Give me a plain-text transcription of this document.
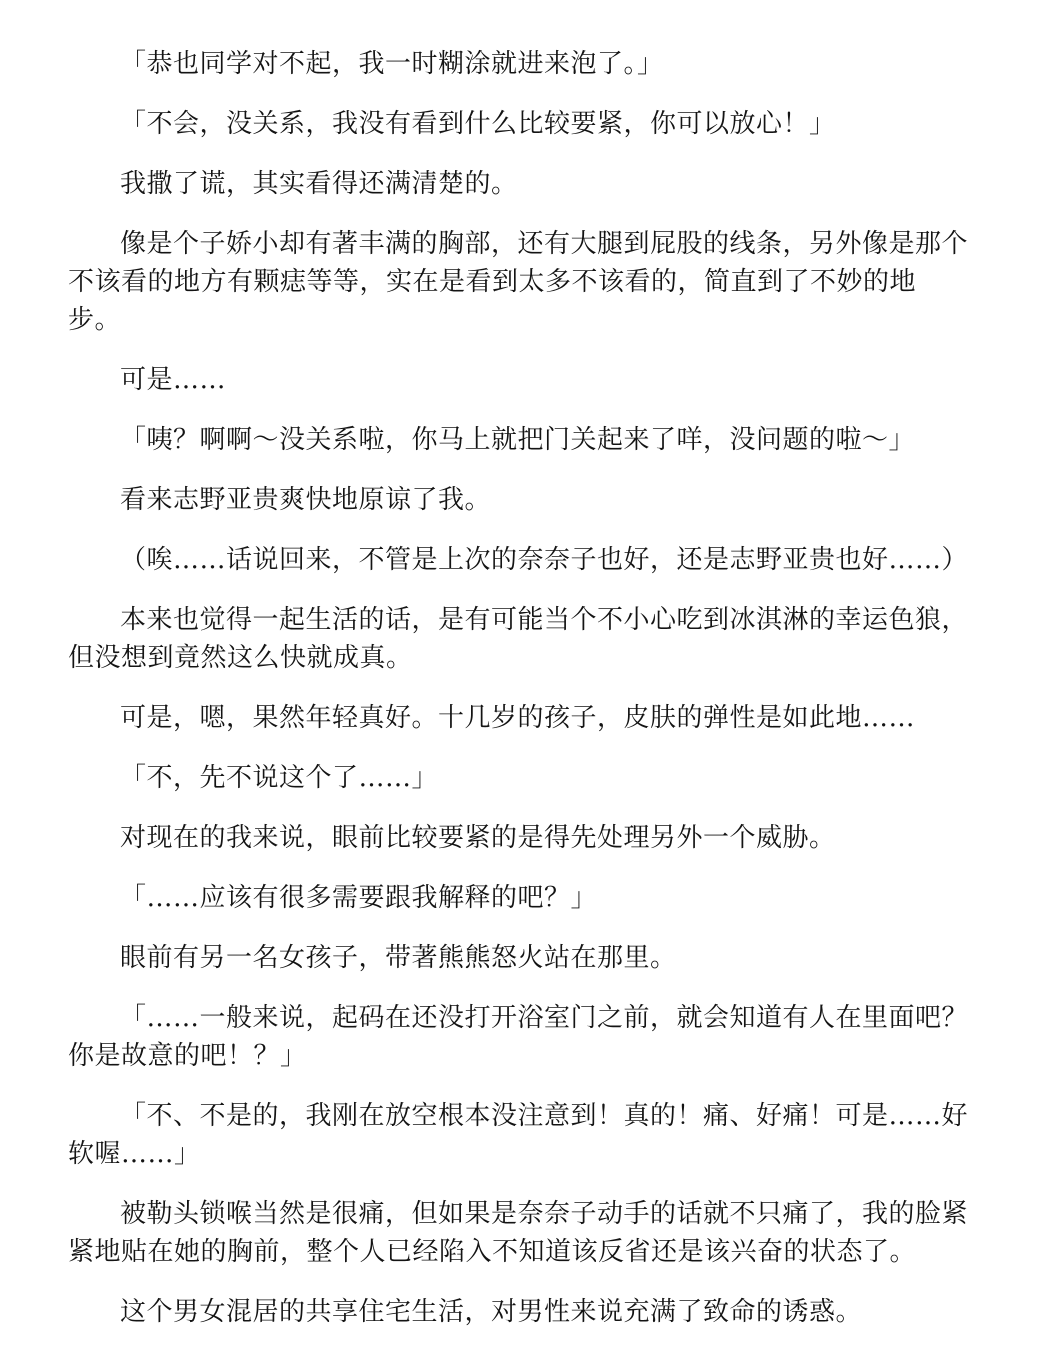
「恭也同学对不起，我一时糊涂就进来泡了。」

「不会，没关系，我没有看到什么比较要紧，你可以放心！」

我撒了谎，其实看得还满清楚的。

像是个子娇小却有著丰满的胸部，还有大腿到屁股的线条，另外像是那个不该看的地方有颗痣等等，实在是看到太多不该看的，简直到了不妙的地步。

可是……

「咦？啊啊～没关系啦，你马上就把门关起来了咩，没问题的啦～」

看来志野亚贵爽快地原谅了我。

（唉……话说回来，不管是上次的奈奈子也好，还是志野亚贵也好……）

本来也觉得一起生活的话，是有可能当个不小心吃到冰淇淋的幸运色狼，但没想到竟然这么快就成真。

可是，嗯，果然年轻真好。十几岁的孩子，皮肤的弹性是如此地……

「不，先不说这个了……」

对现在的我来说，眼前比较要紧的是得先处理另外一个威胁。

「……应该有很多需要跟我解释的吧？」

眼前有另一名女孩子，带著熊熊怒火站在那里。

「……一般来说，起码在还没打开浴室门之前，就会知道有人在里面吧？你是故意的吧！？」

「不、不是的，我刚在放空根本没注意到！真的！痛、好痛！可是……好软喔……」

被勒头锁喉当然是很痛，但如果是奈奈子动手的话就不只痛了，我的脸紧紧地贴在她的胸前，整个人已经陷入不知道该反省还是该兴奋的状态了。

这个男女混居的共享住宅生活，对男性来说充满了致命的诱惑。
